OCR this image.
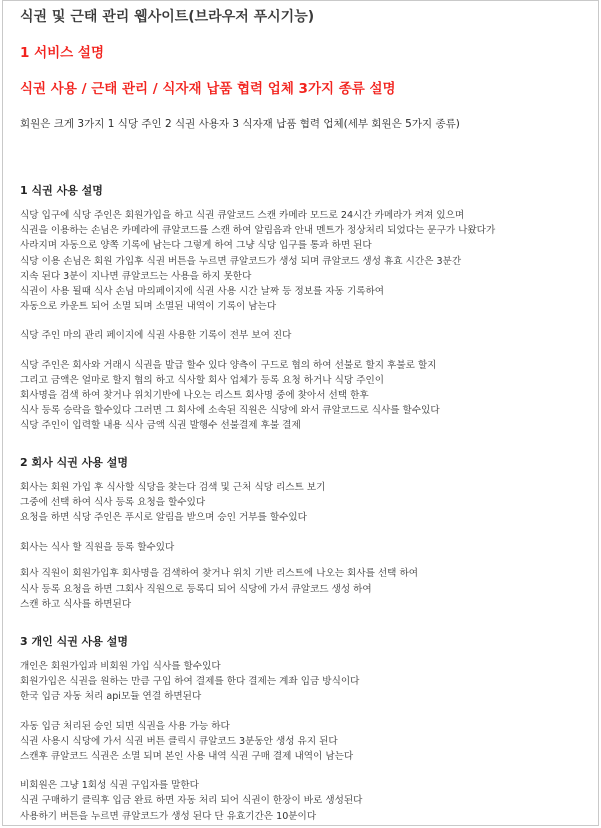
식권 및 근태 관리 웹사이트(브라우저 푸시기능)
1 서비스 설명
식권 사용 / 근태 관리 / 식자재 납품 협력 업체 3가지 종류 설명
회원은 크게 3가지 1 식당 주인 2 식권 사용자 3 식자재 납품 협력 업체(세부 회원은 5가지 종류)
1 식권 사용 설명
식당 입구에 식당 주인은 회원가입을 하고 식권 큐알코드 스캔 카메라 모드로 24시간 카메라가 켜져 있으며
식권을 이용하는 손님은 카메라에 큐알코드를 스캔 하여 알림음과 안내 멘트가 정상처리 되었다는 문구가 나왔다가
사라지며 자동으로 양쪽 기록에 남는다 그렇게 하여 그냥 식당 입구를 통과 하면 된다
식당 이용 손님은 회원 가입후 식권 버튼을 누르면 큐알코드가 생성 되며 큐알코드 생성 휴효 시간은 3분간
지속 된다 3분이 지나면 큐알코드는 사용을 하지 못한다
식권이 사용 될때 식사 손님 마의페이지에 식권 사용 시간 날짜 등 정보를 자동 기록하여
자동으로 카운트 되어 소멸 되며 소멸된 내역이 기록이 남는다
식당 주인 마의 관리 페이지에 식권 사용한 기록이 전부 보여 진다
식당 주인은 회사와 거래시 식권을 발급 할수 있다 양측이 구드로 협의 하여 선불로 할지 후불로 할지
그리고 금액은 얼마로 할지 협의 하고 식사할 회사 업체가 등록 요청 하거나 식당 주인이
회사명을 검색 하여 찾거나 위치기반에 나오는 리스트 회사명 중에 찾아서 선택 한후
식사 등록 승락을 할수있다 그러면 그 회사에 소속된 직원은 식당에 와서 큐알코드로 식사를 할수있다
식당 주인이 입력할 내용 식사 금액 식권 발행수 선불결제 후불 결제
2 회사 식권 사용 설명
회사는 회원 가입 후 식사할 식당을 찾는다 검색 및 근처 식당 리스트 보기
그중에 선택 하여 식사 등록 요청을 할수있다
요청을 하면 식당 주인은 푸시로 알림을 받으며 승인 거부를 할수있다
회사는 식사 할 직원을 등록 할수있다
회사 직원이 회원가입후 회사명을 검색하여 찾거나 위치 기반 리스트에 나오는 회사를 선택 하여
식사 등록 요청을 하면 그회사 직원으로 등록디 되어 식당에 가서 큐알코드 생성 하여
스캔 하고 식사를 하면된다
3 개인 식권 사용 설명
개인은 회원가입과 비회원 가입 식사를 할수있다
회원가입은 식권을 원하는 만큼 구입 하여 결제를 한다 결제는 계좌 입금 방식이다
한국 입금 자동 처리 api모듈 연결 하면된다
자동 입금 처리된 승인 되면 식권을 사용 가능 하다
식권 사용시 식당에 가서 식권 버튼 클릭시 큐알코드 3분동안 생성 유지 된다
스캔후 큐알코드 식권은 소멸 되며 본인 사용 내역 식권 구매 결제 내역이 남는다
비회원은 그냥 1회성 식권 구입자를 말한다
식권 구매하기 클릭후 입금 완료 하면 자동 처리 되어 식권이 한장이 바로 생성된다
사용하기 버튼을 누르면 큐알코드가 생성 된다 단 유효기간은 10분이다
